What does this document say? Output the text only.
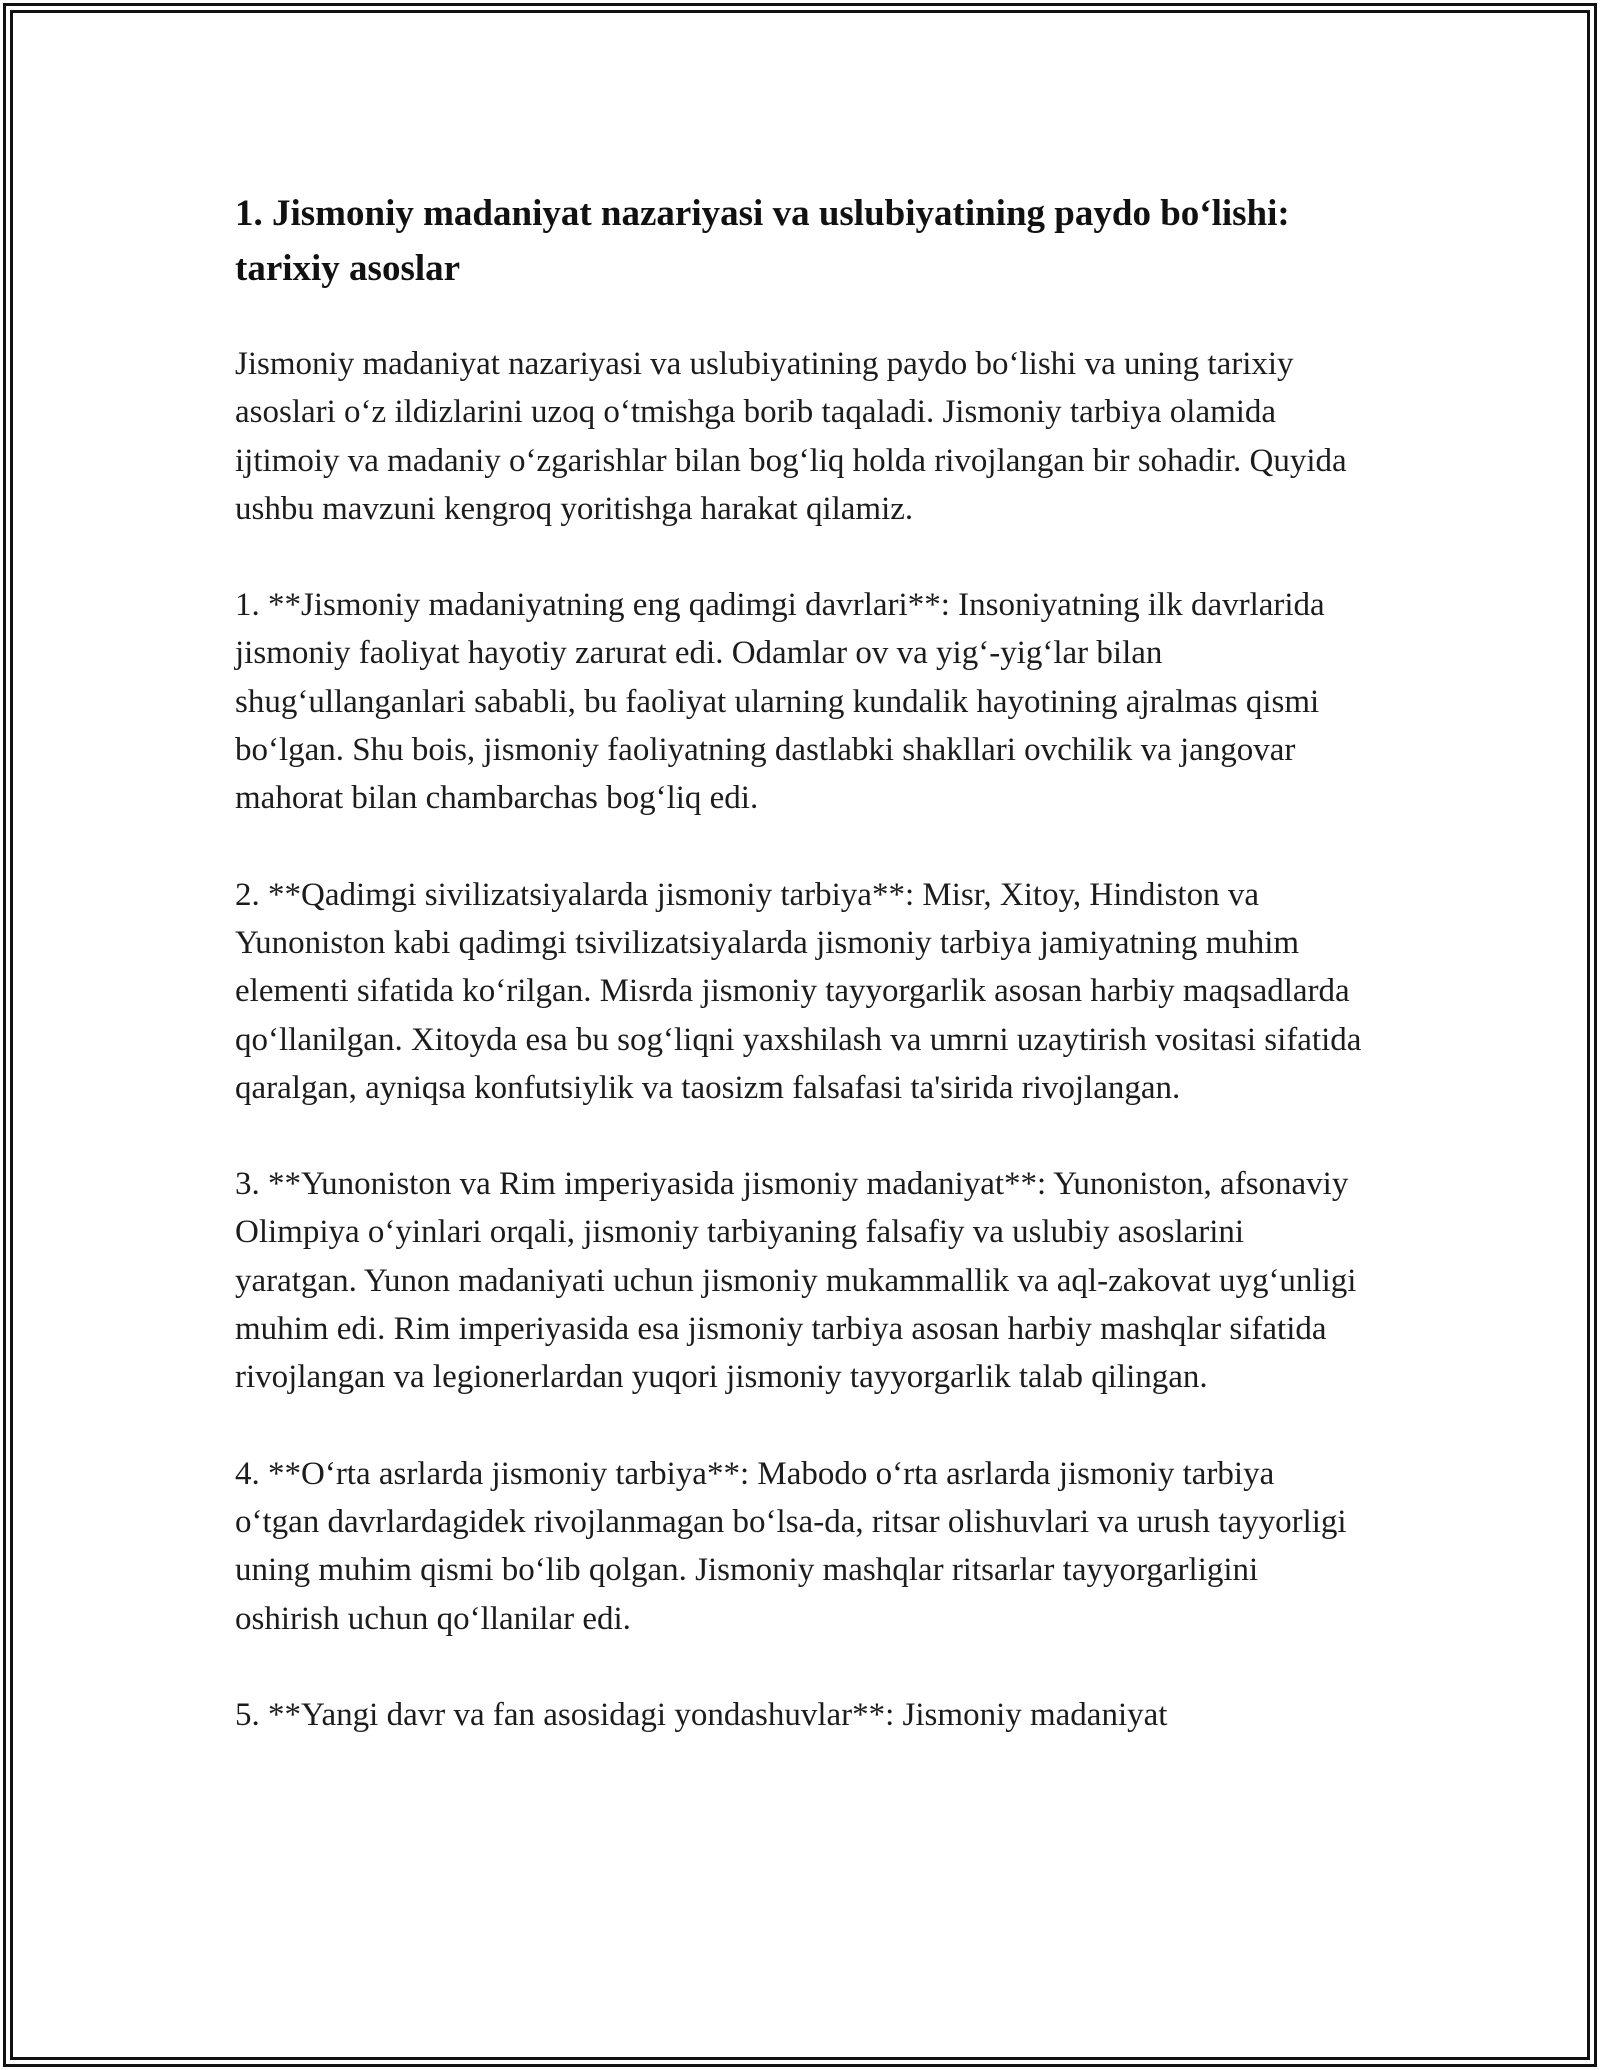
1. Jismoniy madaniyat nazariyasi va uslubiyatining paydo bo‘lishi: tarixiy asoslar

Jismoniy madaniyat nazariyasi va uslubiyatining paydo bo‘lishi va uning tarixiy asoslari o‘z ildizlarini uzoq o‘tmishga borib taqaladi. Jismoniy tarbiya olamida ijtimoiy va madaniy o‘zgarishlar bilan bog‘liq holda rivojlangan bir sohadir. Quyida ushbu mavzuni kengroq yoritishga harakat qilamiz.

1. **Jismoniy madaniyatning eng qadimgi davrlari**: Insoniyatning ilk davrlarida jismoniy faoliyat hayotiy zarurat edi. Odamlar ov va yig‘-yig‘lar bilan shug‘ullanganlari sababli, bu faoliyat ularning kundalik hayotining ajralmas qismi bo‘lgan. Shu bois, jismoniy faoliyatning dastlabki shakllari ovchilik va jangovar mahorat bilan chambarchas bog‘liq edi.

2. **Qadimgi sivilizatsiyalarda jismoniy tarbiya**: Misr, Xitoy, Hindiston va Yunoniston kabi qadimgi tsivilizatsiyalarda jismoniy tarbiya jamiyatning muhim elementi sifatida ko‘rilgan. Misrda jismoniy tayyorgarlik asosan harbiy maqsadlarda qo‘llanilgan. Xitoyda esa bu sog‘liqni yaxshilash va umrni uzaytirish vositasi sifatida qaralgan, ayniqsa konfutsiylik va taosizm falsafasi ta'sirida rivojlangan.

3. **Yunoniston va Rim imperiyasida jismoniy madaniyat**: Yunoniston, afsonaviy Olimpiya o‘yinlari orqali, jismoniy tarbiyaning falsafiy va uslubiy asoslarini yaratgan. Yunon madaniyati uchun jismoniy mukammallik va aql-zakovat uyg‘unligi muhim edi. Rim imperiyasida esa jismoniy tarbiya asosan harbiy mashqlar sifatida rivojlangan va legionerlardan yuqori jismoniy tayyorgarlik talab qilingan.

4. **O‘rta asrlarda jismoniy tarbiya**: Mabodo o‘rta asrlarda jismoniy tarbiya o‘tgan davrlardagidek rivojlanmagan bo‘lsa-da, ritsar olishuvlari va urush tayyorligi uning muhim qismi bo‘lib qolgan. Jismoniy mashqlar ritsarlar tayyorgarligini oshirish uchun qo‘llanilar edi.

5. **Yangi davr va fan asosidagi yondashuvlar**: Jismoniy madaniyat
